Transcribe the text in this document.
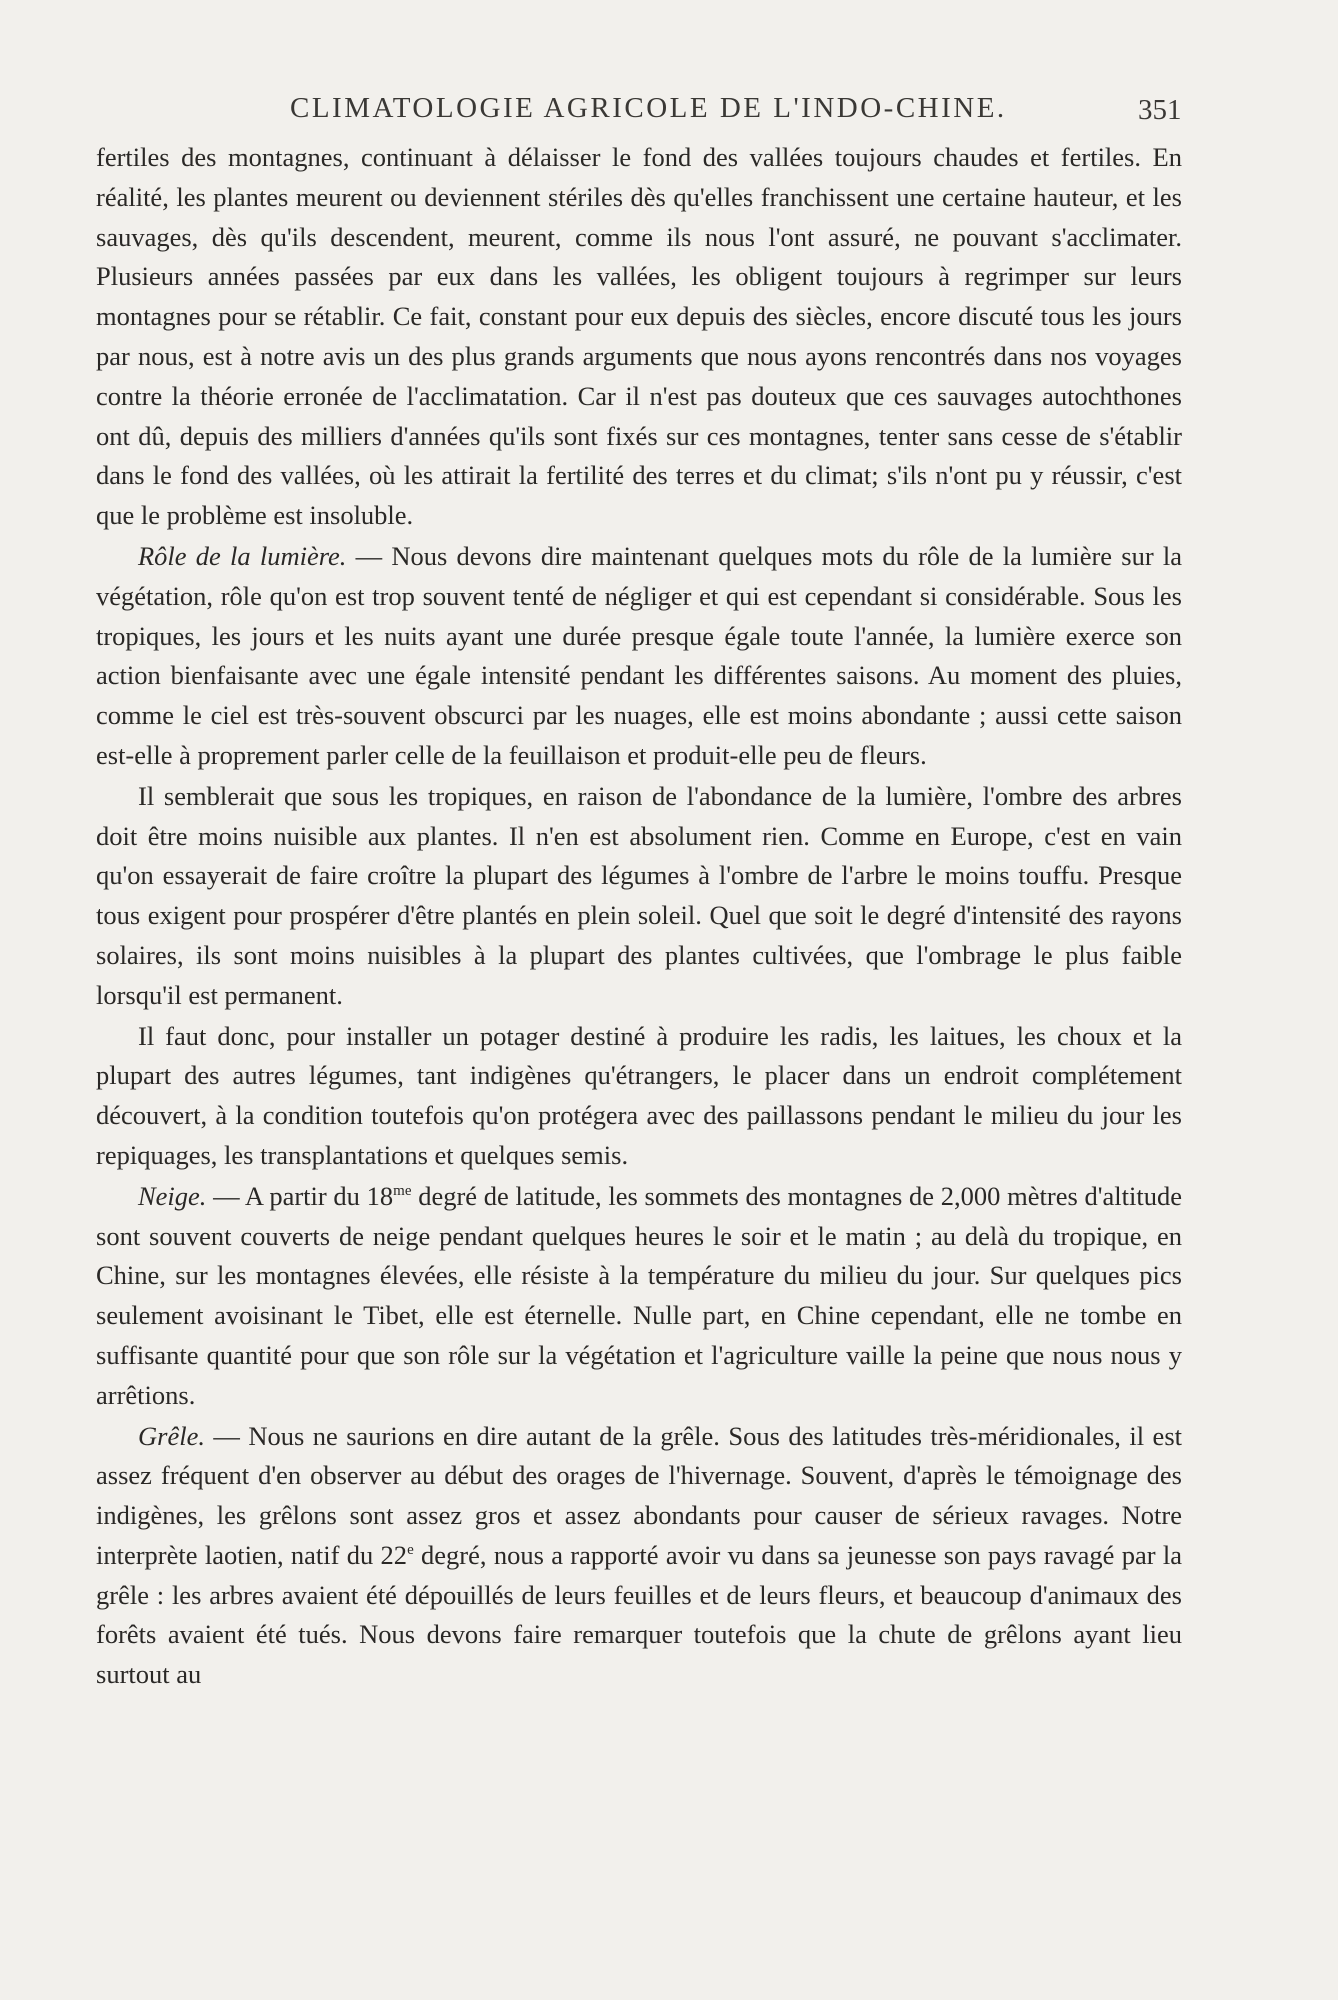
CLIMATOLOGIE AGRICOLE DE L'INDO-CHINE.	351

fertiles des montagnes, continuant à délaisser le fond des vallées toujours chaudes et fertiles. En réalité, les plantes meurent ou deviennent stériles dès qu'elles franchissent une certaine hauteur, et les sauvages, dès qu'ils descendent, meurent, comme ils nous l'ont assuré, ne pouvant s'acclimater. Plusieurs années passées par eux dans les vallées, les obligent toujours à regrimper sur leurs montagnes pour se rétablir. Ce fait, constant pour eux depuis des siècles, encore discuté tous les jours par nous, est à notre avis un des plus grands arguments que nous ayons rencontrés dans nos voyages contre la théorie erronée de l'acclimatation. Car il n'est pas douteux que ces sauvages autochthones ont dû, depuis des milliers d'années qu'ils sont fixés sur ces montagnes, tenter sans cesse de s'établir dans le fond des vallées, où les attirait la fertilité des terres et du climat; s'ils n'ont pu y réussir, c'est que le problème est insoluble.

Rôle de la lumière. — Nous devons dire maintenant quelques mots du rôle de la lumière sur la végétation, rôle qu'on est trop souvent tenté de négliger et qui est cependant si considérable. Sous les tropiques, les jours et les nuits ayant une durée presque égale toute l'année, la lumière exerce son action bienfaisante avec une égale intensité pendant les différentes saisons. Au moment des pluies, comme le ciel est très-souvent obscurci par les nuages, elle est moins abondante ; aussi cette saison est-elle à proprement parler celle de la feuillaison et produit-elle peu de fleurs.

Il semblerait que sous les tropiques, en raison de l'abondance de la lumière, l'ombre des arbres doit être moins nuisible aux plantes. Il n'en est absolument rien. Comme en Europe, c'est en vain qu'on essayerait de faire croître la plupart des légumes à l'ombre de l'arbre le moins touffu. Presque tous exigent pour prospérer d'être plantés en plein soleil. Quel que soit le degré d'intensité des rayons solaires, ils sont moins nuisibles à la plupart des plantes cultivées, que l'ombrage le plus faible lorsqu'il est permanent.

Il faut donc, pour installer un potager destiné à produire les radis, les laitues, les choux et la plupart des autres légumes, tant indigènes qu'étrangers, le placer dans un endroit complétement découvert, à la condition toutefois qu'on protégera avec des paillassons pendant le milieu du jour les repiquages, les transplantations et quelques semis.

Neige. — A partir du $18^{me}$ degré de latitude, les sommets des montagnes de 2,000 mètres d'altitude sont souvent couverts de neige pendant quelques heures le soir et le matin ; au delà du tropique, en Chine, sur les montagnes élevées, elle résiste à la température du milieu du jour. Sur quelques pics seulement avoisinant le Tibet, elle est éternelle. Nulle part, en Chine cependant, elle ne tombe en suffisante quantité pour que son rôle sur la végétation et l'agriculture vaille la peine que nous nous y arrêtions.

Grêle. — Nous ne saurions en dire autant de la grêle. Sous des latitudes très-méridionales, il est assez fréquent d'en observer au début des orages de l'hivernage. Souvent, d'après le témoignage des indigènes, les grêlons sont assez gros et assez abondants pour causer de sérieux ravages. Notre interprète laotien, natif du 22e degré, nous a rapporté avoir vu dans sa jeunesse son pays ravagé par la grêle : les arbres avaient été dépouillés de leurs feuilles et de leurs fleurs, et beaucoup d'animaux des forêts avaient été tués. Nous devons faire remarquer toutefois que la chute de grêlons ayant lieu surtout au
